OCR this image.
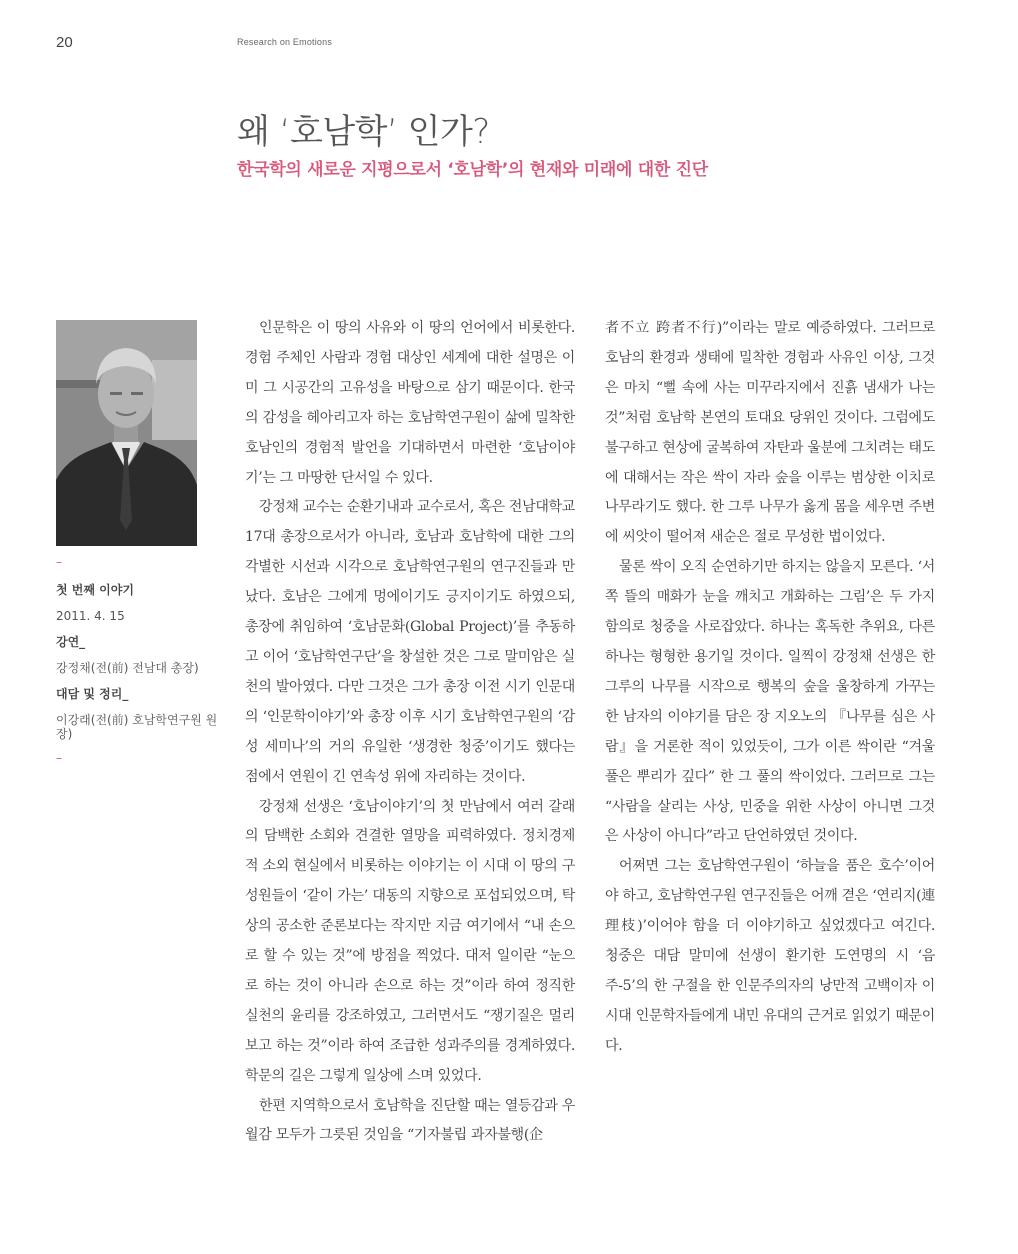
20	Research on Emotions
왜 ‘호남학’ 인가?
한국학의 새로운 지평으로서 ‘호남학’의 현재와 미래에 대한 진단
–

첫 번째 이야기

2011. 4. 15

강연_

강정채(전(前) 전남대 총장)

대담 및 정리_

이강래(전(前) 호남학연구원 원장)

–

인문학은 이 땅의 사유와 이 땅의 언어에서 비롯한다. 경험 주체인 사람과 경험 대상인 세계에 대한 설명은 이미 그 시공간의 고유성을 바탕으로 삼기 때문이다. 한국의 감성을 헤아리고자 하는 호남학연구원이 삶에 밀착한 호남인의 경험적 발언을 기대하면서 마련한 ‘호남이야기’는 그 마땅한 단서일 수 있다.

강정채 교수는 순환기내과 교수로서, 혹은 전남대학교 17대 총장으로서가 아니라, 호남과 호남학에 대한 그의 각별한 시선과 시각으로 호남학연구원의 연구진들과 만났다. 호남은 그에게 멍에이기도 긍지이기도 하였으되, 총장에 취임하여 ‘호남문화(Global Project)’를 추동하고 이어 ‘호남학연구단’을 창설한 것은 그로 말미암은 실천의 발아였다. 다만 그것은 그가 총장 이전 시기 인문대의 ‘인문학이야기’와 총장 이후 시기 호남학연구원의 ‘감성 세미나’의 거의 유일한 ‘생경한 청중’이기도 했다는 점에서 연원이 긴 연속성 위에 자리하는 것이다.

강정채 선생은 ‘호남이야기’의 첫 만남에서 여러 갈래의 담백한 소회와 견결한 열망을 피력하였다. 정치경제적 소외 현실에서 비롯하는 이야기는 이 시대 이 땅의 구성원들이 ‘같이 가는’ 대동의 지향으로 포섭되었으며, 탁상의 공소한 준론보다는 작지만 지금 여기에서 “내 손으로 할 수 있는 것”에 방점을 찍었다. 대저 일이란 “눈으로 하는 것이 아니라 손으로 하는 것”이라 하여 정직한 실천의 윤리를 강조하였고, 그러면서도 “쟁기질은 멀리 보고 하는 것”이라 하여 조급한 성과주의를 경계하였다. 학문의 길은 그렇게 일상에 스며 있었다.

한편 지역학으로서 호남학을 진단할 때는 열등감과 우월감 모두가 그릇된 것임을 “기자불립 과자불행(企

者不立 跨者不行)”이라는 말로 예증하였다. 그러므로 호남의 환경과 생태에 밀착한 경험과 사유인 이상, 그것은 마치 “뻘 속에 사는 미꾸라지에서 진흙 냄새가 나는 것”처럼 호남학 본연의 토대요 당위인 것이다. 그럼에도 불구하고 현상에 굴복하여 자탄과 울분에 그치려는 태도에 대해서는 작은 싹이 자라 숲을 이루는 범상한 이치로 나무라기도 했다. 한 그루 나무가 옳게 몸을 세우면 주변에 씨앗이 떨어져 새순은 절로 무성한 법이었다.

물론 싹이 오직 순연하기만 하지는 않을지 모른다. ‘서쪽 뜰의 매화가 눈을 깨치고 개화하는 그림’은 두 가지 함의로 청중을 사로잡았다. 하나는 혹독한 추위요, 다른 하나는 형형한 용기일 것이다. 일찍이 강정채 선생은 한 그루의 나무를 시작으로 행복의 숲을 울창하게 가꾸는 한 남자의 이야기를 담은 장 지오노의 『나무를 심은 사람』을 거론한 적이 있었듯이, 그가 이른 싹이란 “겨울 풀은 뿌리가 깊다” 한 그 풀의 싹이었다. 그러므로 그는 “사람을 살리는 사상, 민중을 위한 사상이 아니면 그것은 사상이 아니다”라고 단언하였던 것이다.

어쩌면 그는 호남학연구원이 ‘하늘을 품은 호수’이어야 하고, 호남학연구원 연구진들은 어깨 겯은 ‘연리지(連理枝)’이어야 함을 더 이야기하고 싶었겠다고 여긴다. 청중은 대담 말미에 선생이 환기한 도연명의 시 ‘음주-5’의 한 구절을 한 인문주의자의 낭만적 고백이자 이 시대 인문학자들에게 내민 유대의 근거로 읽었기 때문이다.
